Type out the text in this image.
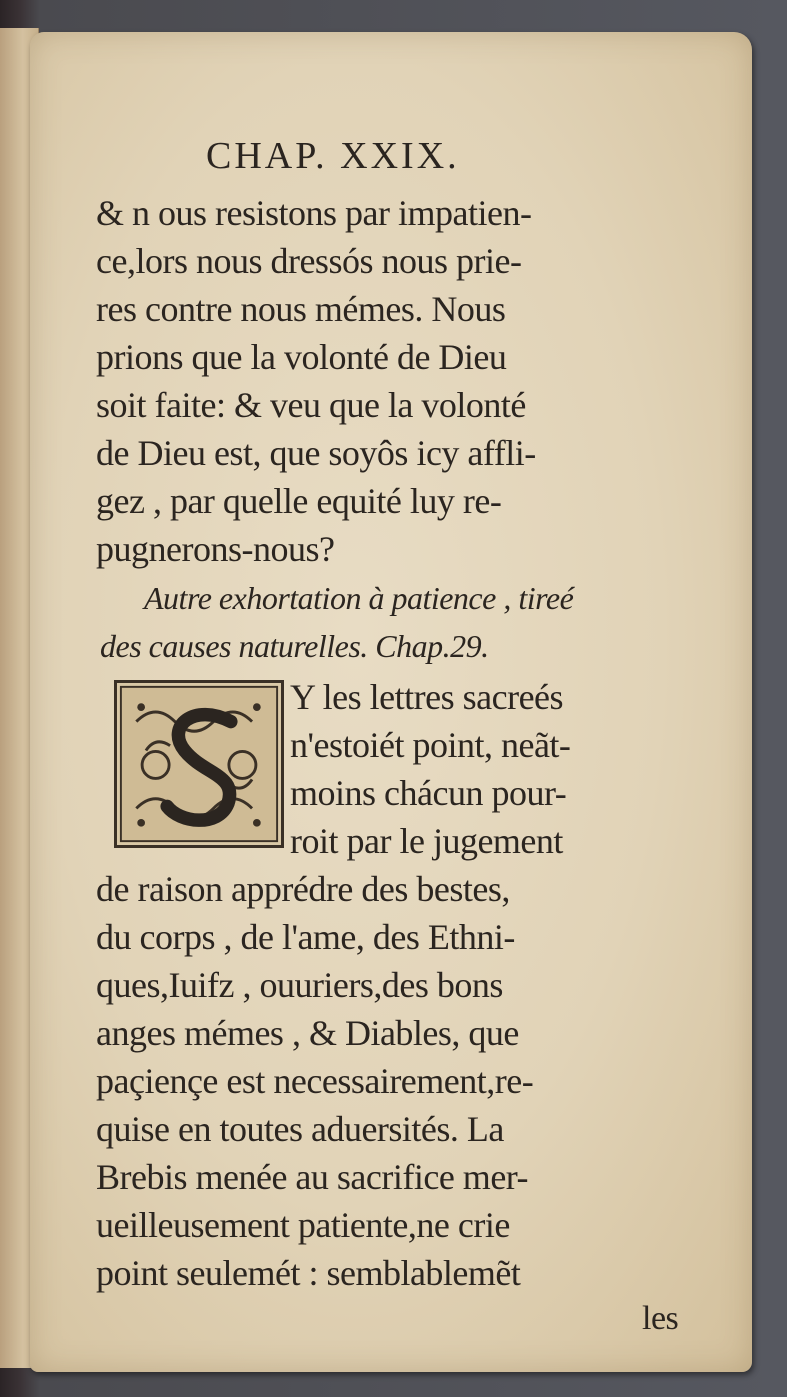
CHAP. XXIX.
& n ous resistons par impatien-
ce,lors nous dressós nous prie-
res contre nous mémes. Nous
prions que la volonté de Dieu
soit faite: & veu que la volonté
de Dieu est, que soyôs icy affli-
gez , par quelle equité luy re-
pugnerons-nous?
Autre exhortation à patience , tireé
des causes naturelles. Chap.29.
Y les lettres sacreés
n'estoiét point, neãt-
moins chácun pour-
roit par le jugement
de raison apprédre des bestes,
du corps , de l'ame, des Ethni-
ques,Iuifz , ouuriers,des bons
anges mémes , & Diables, que
paçiençe est necessairement,re-
quise en toutes aduersités. La
Brebis menée au sacrifice mer-
ueilleusement patiente,ne crie
point seulemét : semblablemẽt
les
